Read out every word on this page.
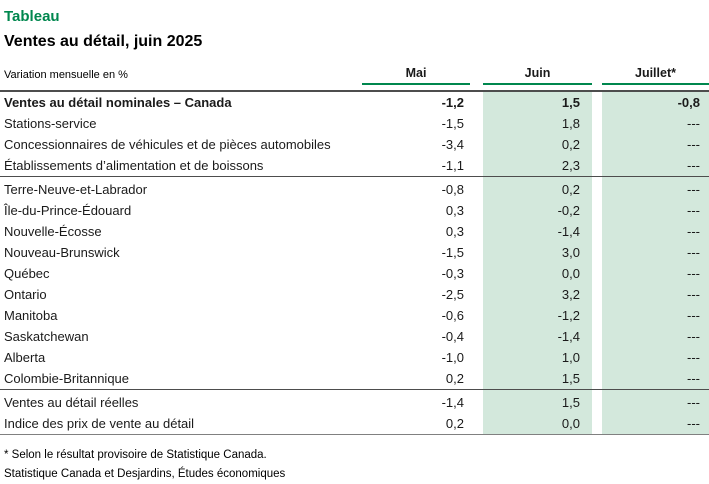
Tableau
Ventes au détail, juin 2025
Variation mensuelle en %	Mai		Juin		Juillet*

Ventes au détail nominales – Canada	-1,2		1,5		-0,8
Stations-service	-1,5		1,8		---
Concessionnaires de véhicules et de pièces automobiles	-3,4		0,2		---
Établissements d’alimentation et de boissons	-1,1		2,3		---
Terre-Neuve-et-Labrador	-0,8		0,2		---
Île-du-Prince-Édouard	0,3		-0,2		---
Nouvelle-Écosse	0,3		-1,4		---
Nouveau-Brunswick	-1,5		3,0		---
Québec	-0,3		0,0		---
Ontario	-2,5		3,2		---
Manitoba	-0,6		-1,2		---
Saskatchewan	-0,4		-1,4		---
Alberta	-1,0		1,0		---
Colombie-Britannique	0,2		1,5		---
Ventes au détail réelles	-1,4		1,5		---
Indice des prix de vente au détail	0,2		0,0		---
* Selon le résultat provisoire de Statistique Canada.
Statistique Canada et Desjardins, Études économiques
